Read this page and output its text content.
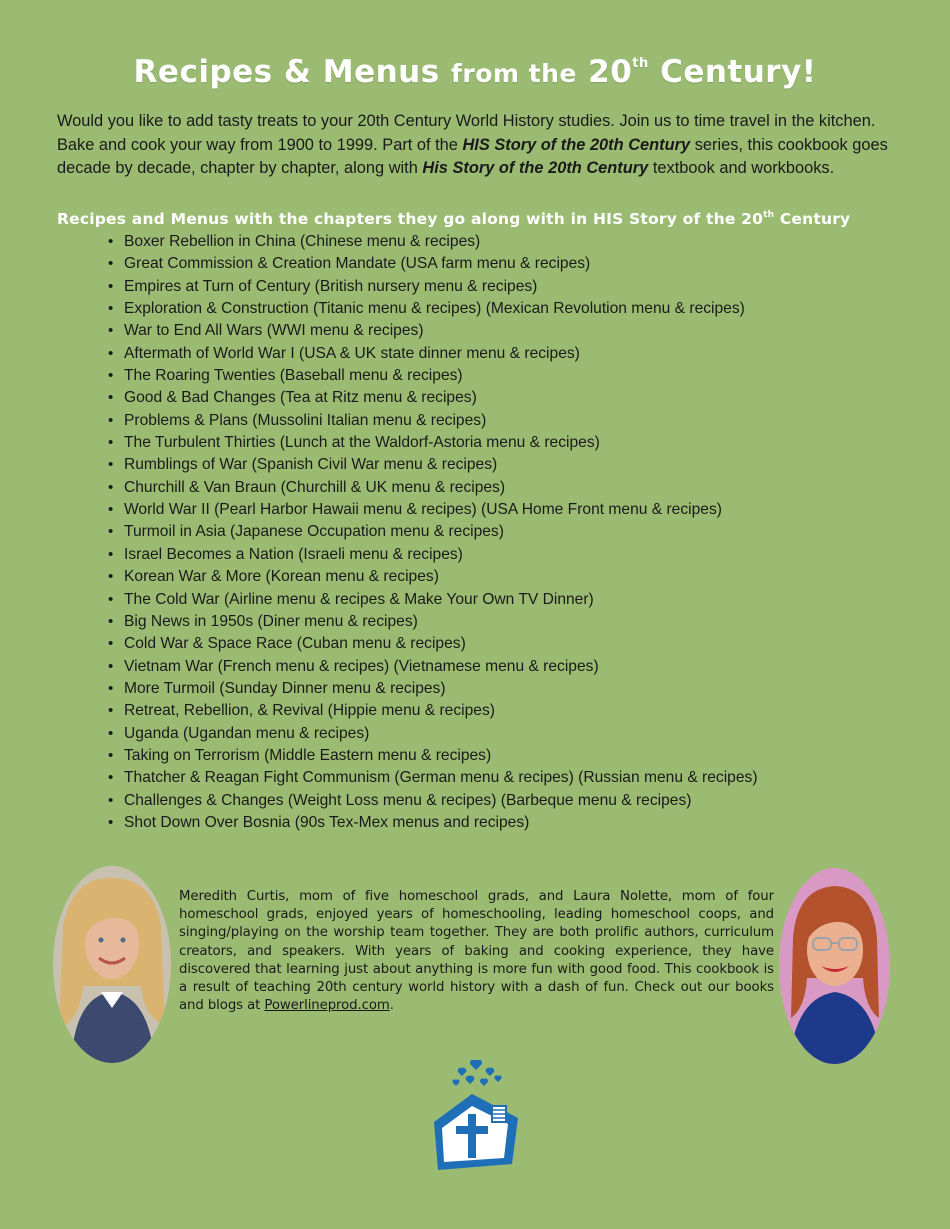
Recipes & Menus from the 20th Century!

Would you like to add tasty treats to your 20th Century World History studies. Join us to time travel in the kitchen. Bake and cook your way from 1900 to 1999. Part of the HIS Story of the 20th Century series, this cookbook goes decade by decade, chapter by chapter, along with His Story of the 20th Century textbook and workbooks.

Recipes and Menus with the chapters they go along with in HIS Story of the 20th Century
• Boxer Rebellion in China (Chinese menu & recipes)
• Great Commission & Creation Mandate (USA farm menu & recipes)
• Empires at Turn of Century (British nursery menu & recipes)
• Exploration & Construction (Titanic menu & recipes) (Mexican Revolution menu & recipes)
• War to End All Wars (WWI menu & recipes)
• Aftermath of World War I (USA & UK state dinner menu & recipes)
• The Roaring Twenties (Baseball menu & recipes)
• Good & Bad Changes (Tea at Ritz menu & recipes)
• Problems & Plans (Mussolini Italian menu & recipes)
• The Turbulent Thirties (Lunch at the Waldorf-Astoria menu & recipes)
• Rumblings of War (Spanish Civil War menu & recipes)
• Churchill & Van Braun (Churchill & UK menu & recipes)
• World War II (Pearl Harbor Hawaii menu & recipes) (USA Home Front menu & recipes)
• Turmoil in Asia (Japanese Occupation menu & recipes)
• Israel Becomes a Nation (Israeli menu & recipes)
• Korean War & More (Korean menu & recipes)
• The Cold War (Airline menu & recipes & Make Your Own TV Dinner)
• Big News in 1950s (Diner menu & recipes)
• Cold War & Space Race (Cuban menu & recipes)
• Vietnam War (French menu & recipes) (Vietnamese menu & recipes)
• More Turmoil (Sunday Dinner menu & recipes)
• Retreat, Rebellion, & Revival (Hippie menu & recipes)
• Uganda (Ugandan menu & recipes)
• Taking on Terrorism (Middle Eastern menu & recipes)
• Thatcher & Reagan Fight Communism (German menu & recipes) (Russian menu & recipes)
• Challenges & Changes (Weight Loss menu & recipes) (Barbeque menu & recipes)
• Shot Down Over Bosnia (90s Tex-Mex menus and recipes)

Meredith Curtis, mom of five homeschool grads, and Laura Nolette, mom of four homeschool grads, enjoyed years of homeschooling, leading homeschool coops, and singing/playing on the worship team together. They are both prolific authors, curriculum creators, and speakers. With years of baking and cooking experience, they have discovered that learning just about anything is more fun with good food. This cookbook is a result of teaching 20th century world history with a dash of fun. Check out our books and blogs at Powerlineprod.com.
